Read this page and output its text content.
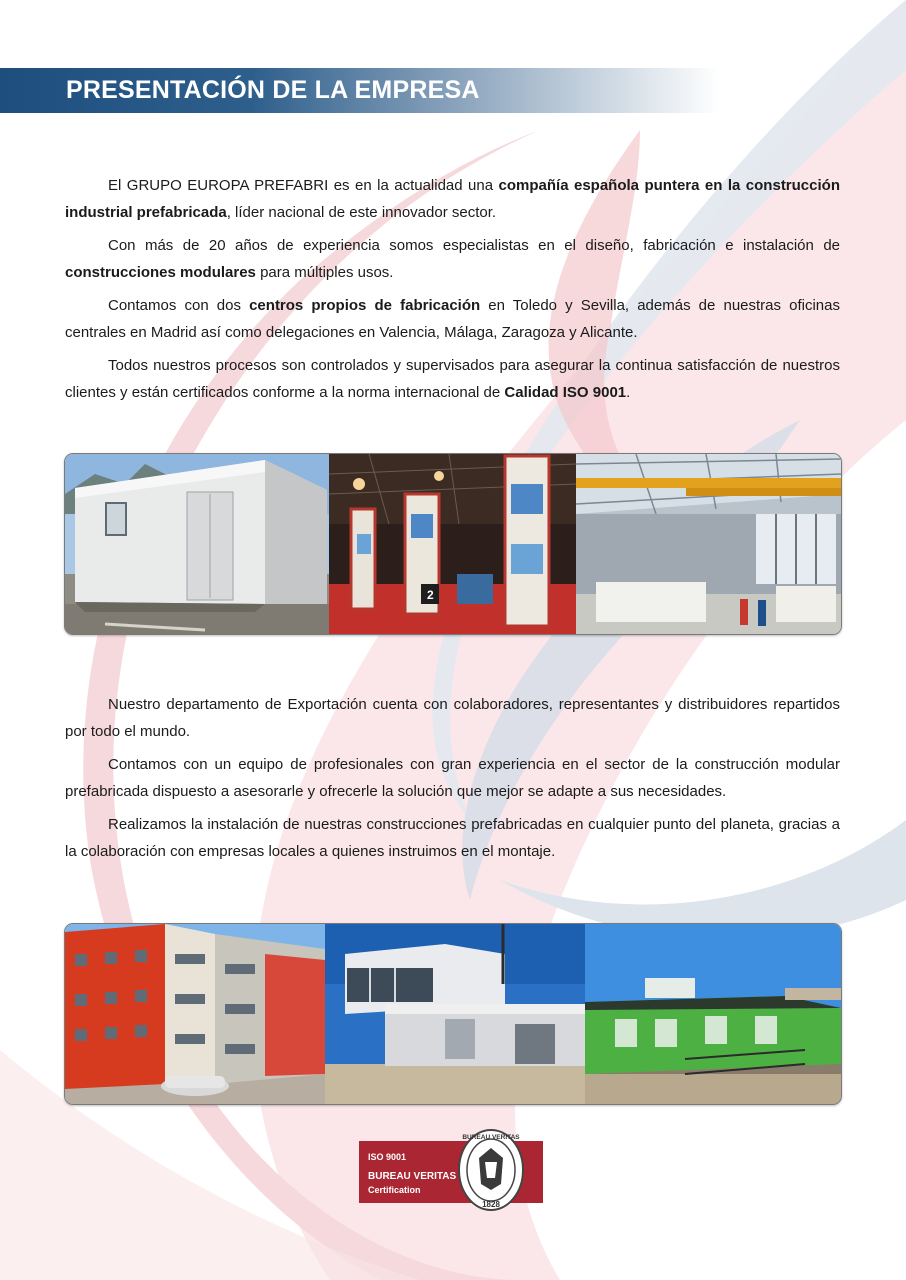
PRESENTACIÓN DE LA EMPRESA

El GRUPO EUROPA PREFABRI es en la actualidad una compañía española puntera en la construcción industrial prefabricada, líder nacional de este innovador sector.

Con más de 20 años de experiencia somos especialistas en el diseño, fabricación e instalación de construcciones modulares para múltiples usos.

Contamos con dos centros propios de fabricación en Toledo y Sevilla, además de nuestras oficinas centrales en Madrid así como delegaciones en Valencia, Málaga, Zaragoza y Alicante.

Todos nuestros procesos son controlados y supervisados para asegurar la continua satisfacción de nuestros clientes y están certificados conforme a la norma internacional de Calidad ISO 9001.

2

Nuestro departamento de Exportación cuenta con colaboradores, representantes y distribuidores repartidos por todo el mundo.

Contamos con un equipo de profesionales con gran experiencia en el sector de la construcción modular prefabricada dispuesto a asesorarle y ofrecerle la solución que mejor se adapte a sus necesidades.

Realizamos la instalación de nuestras construcciones prefabricadas en cualquier punto del planeta, gracias a la colaboración con empresas locales a quienes instruimos en el montaje.

ISO 9001
BUREAU VERITAS
Certification
BUREAU VERITAS
1828
